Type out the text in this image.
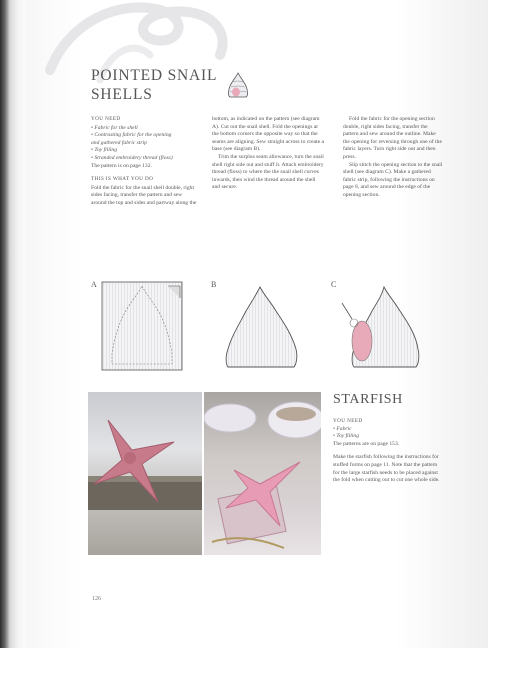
POINTED SNAIL
SHELLS
YOU NEED
• Fabric for the shell
• Contrasting fabric for the opening
and gathered fabric strip
• Toy filling
• Stranded embroidery thread (floss)

The pattern is on page 132.

THIS IS WHAT YOU DO

Fold the fabric for the snail shell double, right sides facing, transfer the pattern and sew around the top and sides and partway along the

bottom, as indicated on the pattern (see diagram A). Cut out the snail shell. Fold the openings at the bottom corners the opposite way so that the seams are aligning. Sew straight across to create a base (see diagram B).

Trim the surplus seam allowance, turn the snail shell right side out and stuff it. Attach embroidery thread (floss) to where the the snail shell curves inwards, then wind the thread around the shell and secure.

Fold the fabric for the opening section double, right sides facing, transfer the pattern and sew around the outline. Make the opening for reversing through one of the fabric layers. Turn right side out and then press.

Slip stitch the opening section to the snail shell (see diagram C). Make a gathered fabric strip, following the instructions on page 8, and sew around the edge of the opening section.

A	B	C
STARFISH
YOU NEED
• Fabric
• Toy filling

The patterns are on page 153.

Make the starfish following the instructions for stuffed forms on page 11. Note that the pattern for the large starfish needs to be placed against the fold when cutting out to cut one whole side.

126
